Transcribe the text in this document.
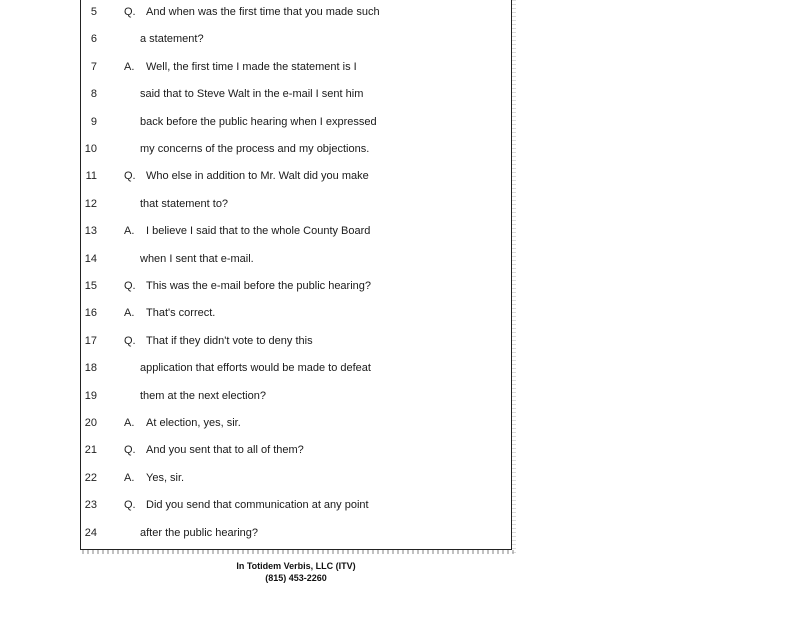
5 Q. And when was the first time that you made such
6	a statement?
7 A. Well, the first time I made the statement is I
8	said that to Steve Walt in the e-mail I sent him
9	back before the public hearing when I expressed
10	my concerns of the process and my objections.
11 Q. Who else in addition to Mr. Walt did you make
12	that statement to?
13 A. I believe I said that to the whole County Board
14	when I sent that e-mail.
15 Q. This was the e-mail before the public hearing?
16 A. That's correct.
17 Q. That if they didn't vote to deny this
18	application that efforts would be made to defeat
19	them at the next election?
20 A. At election, yes, sir.
21 Q. And you sent that to all of them?
22 A. Yes, sir.
23 Q. Did you send that communication at any point
24	after the public hearing?
In Totidem Verbis, LLC (ITV)
(815) 453-2260
